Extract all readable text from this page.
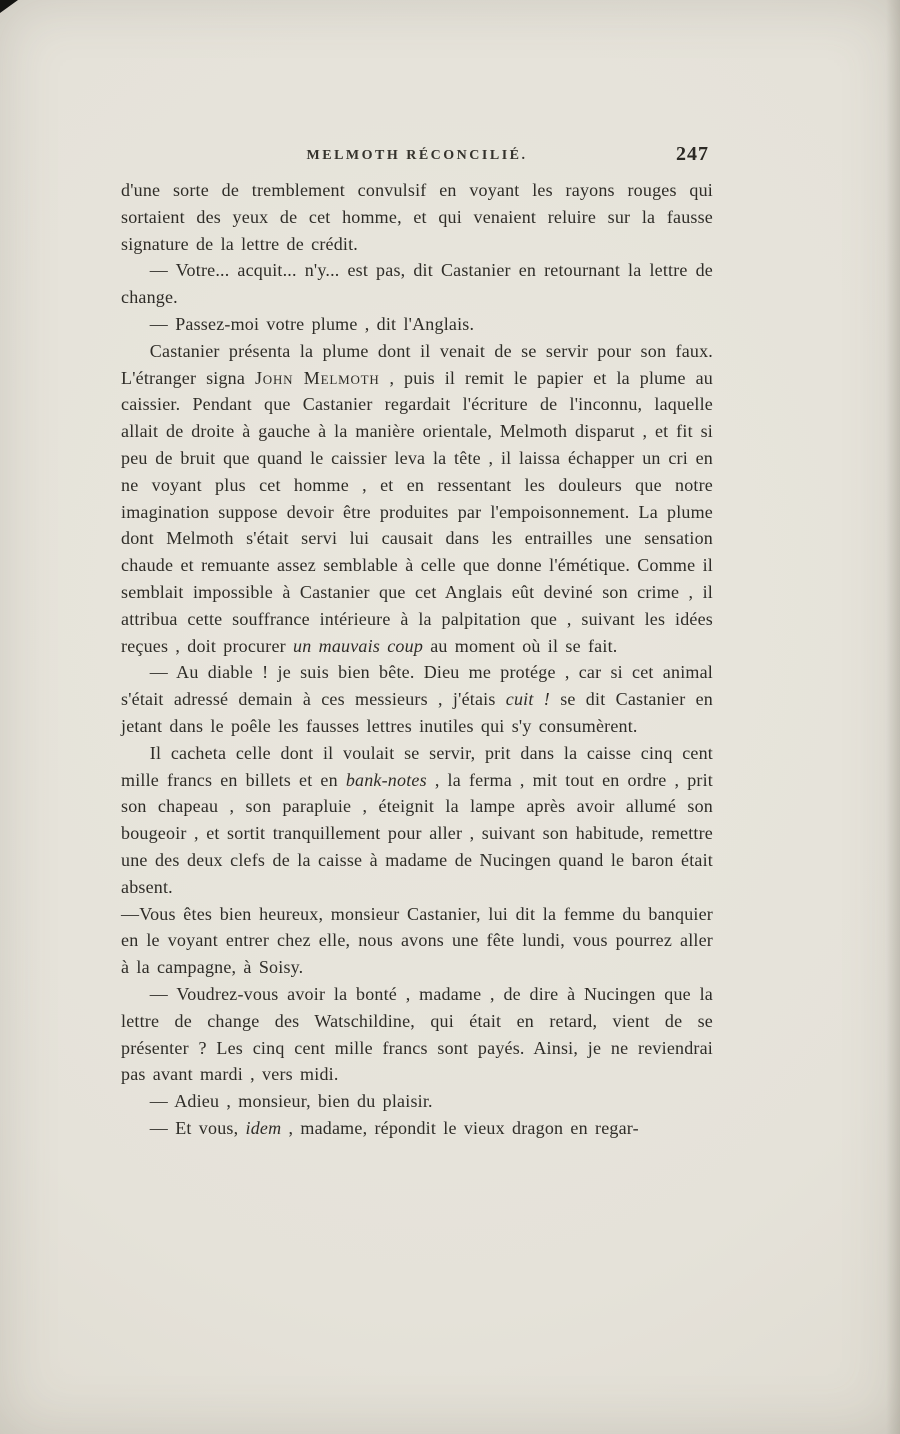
MELMOTH RÉCONCILIÉ.	247

d'une sorte de tremblement convulsif en voyant les rayons rouges qui sortaient des yeux de cet homme, et qui venaient reluire sur la fausse signature de la lettre de crédit.

— Votre... acquit... n'y... est pas, dit Castanier en retournant la lettre de change.

— Passez-moi votre plume , dit l'Anglais.

Castanier présenta la plume dont il venait de se servir pour son faux. L'étranger signa John Melmoth , puis il remit le papier et la plume au caissier. Pendant que Castanier regardait l'écriture de l'inconnu, laquelle allait de droite à gauche à la manière orientale, Melmoth disparut , et fit si peu de bruit que quand le caissier leva la tête , il laissa échapper un cri en ne voyant plus cet homme , et en ressentant les douleurs que notre imagination suppose devoir être produites par l'empoisonnement. La plume dont Melmoth s'était servi lui causait dans les entrailles une sensation chaude et remuante assez semblable à celle que donne l'émétique. Comme il semblait impossible à Castanier que cet Anglais eût deviné son crime , il attribua cette souffrance intérieure à la palpitation que , suivant les idées reçues , doit procurer un mauvais coup au moment où il se fait.

— Au diable ! je suis bien bête. Dieu me protége , car si cet animal s'était adressé demain à ces messieurs , j'étais cuit ! se dit Castanier en jetant dans le poêle les fausses lettres inutiles qui s'y consumèrent.

Il cacheta celle dont il voulait se servir, prit dans la caisse cinq cent mille francs en billets et en bank-notes , la ferma , mit tout en ordre , prit son chapeau , son parapluie , éteignit la lampe après avoir allumé son bougeoir , et sortit tranquillement pour aller , suivant son habitude, remettre une des deux clefs de la caisse à madame de Nucingen quand le baron était absent.

—Vous êtes bien heureux, monsieur Castanier, lui dit la femme du banquier en le voyant entrer chez elle, nous avons une fête lundi, vous pourrez aller à la campagne, à Soisy.

— Voudrez-vous avoir la bonté , madame , de dire à Nucingen que la lettre de change des Watschildine, qui était en retard, vient de se présenter ? Les cinq cent mille francs sont payés. Ainsi, je ne reviendrai pas avant mardi , vers midi.

— Adieu , monsieur, bien du plaisir.

— Et vous, idem , madame, répondit le vieux dragon en regar-
